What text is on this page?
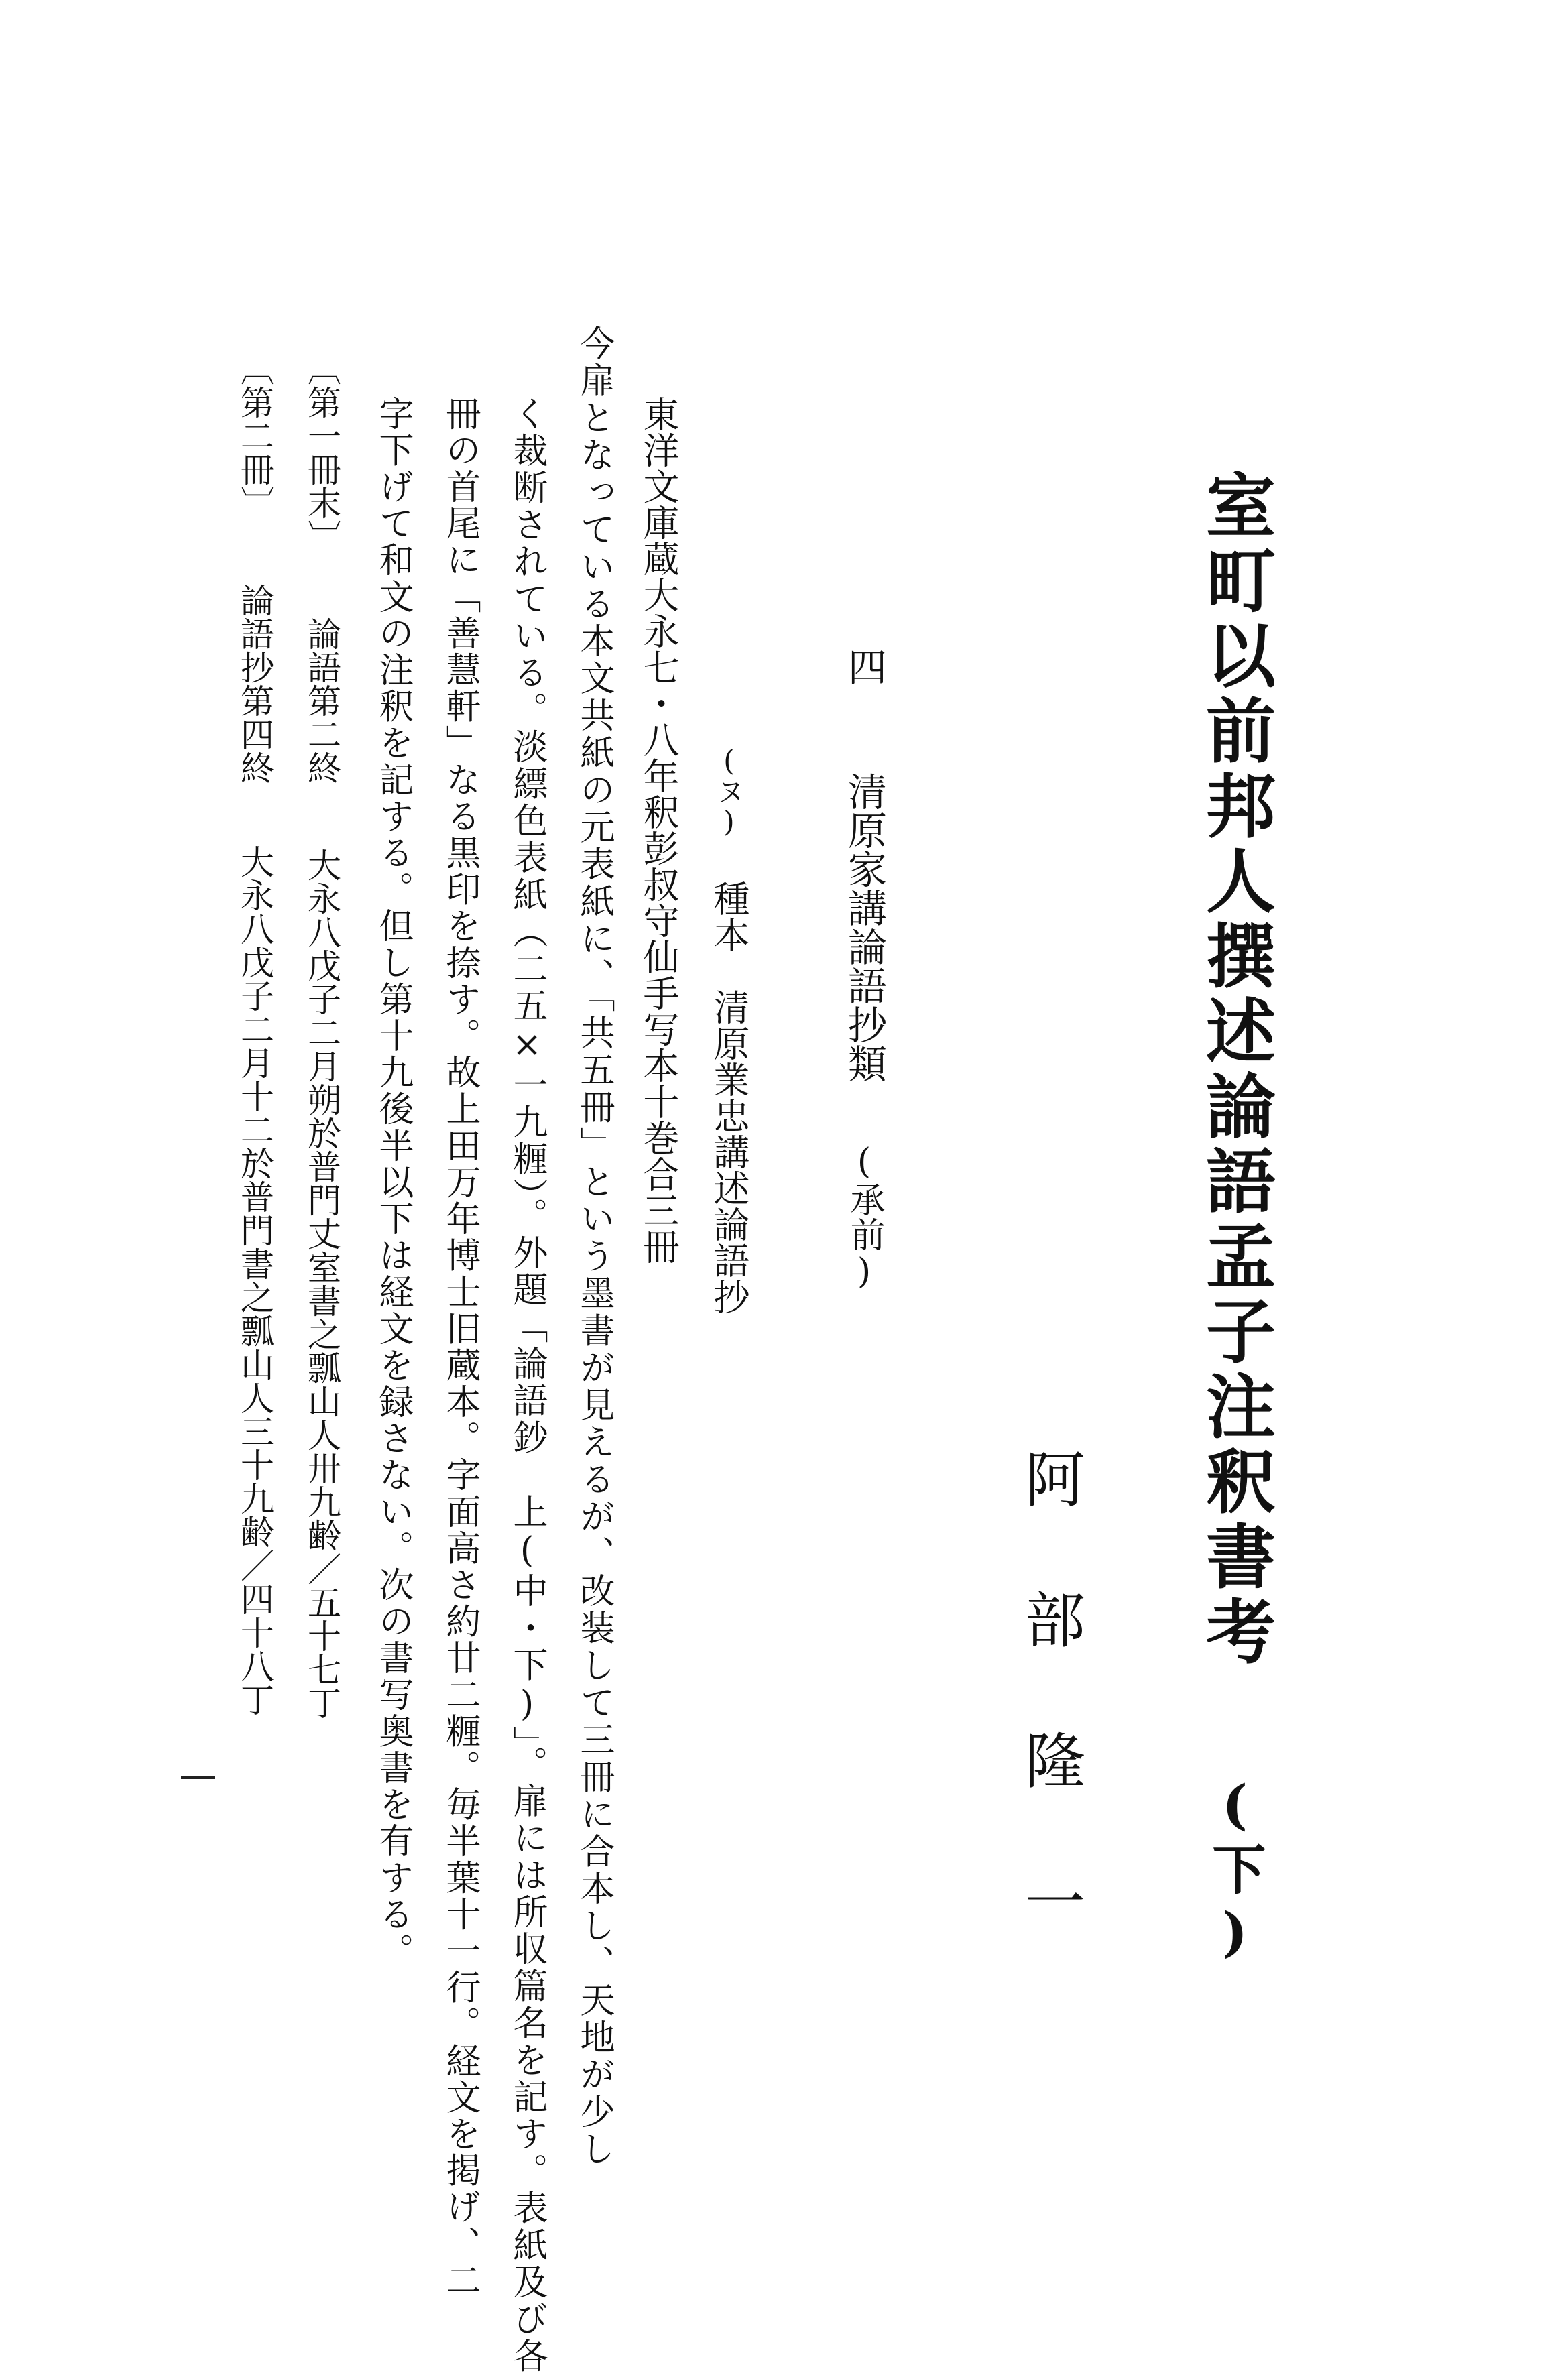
室町以前邦人撰述論語孟子注釈書考 (下)
阿部隆一
四 清原家講論語抄類 (承前)
(ヌ) 種本　清原業忠講述論語抄
東洋文庫蔵大永七・八年釈彭叔守仙手写本十巻合三冊
今扉となっている本文共紙の元表紙に、「共五冊」という墨書が見えるが、改装して三冊に合本し、天地が少し
く裁断されている。淡縹色表紙（二五×一九糎）。外題「論語鈔　上(中・下)」。扉には所収篇名を記す。表紙及び各
冊の首尾に「善慧軒」なる黒印を捺す。故上田万年博士旧蔵本。字面高さ約廿二糎。毎半葉十一行。経文を掲げ、二
字下げて和文の注釈を記する。但し第十九後半以下は経文を録さない。次の書写奥書を有する。
〔第一冊末〕論語第二終大永八戊子二月朔於普門丈室書之瓢山人卅九齢／五十七丁
〔第二冊〕論語抄第四終大永八戊子二月十二於普門書之瓢山人三十九齢／四十八丁
